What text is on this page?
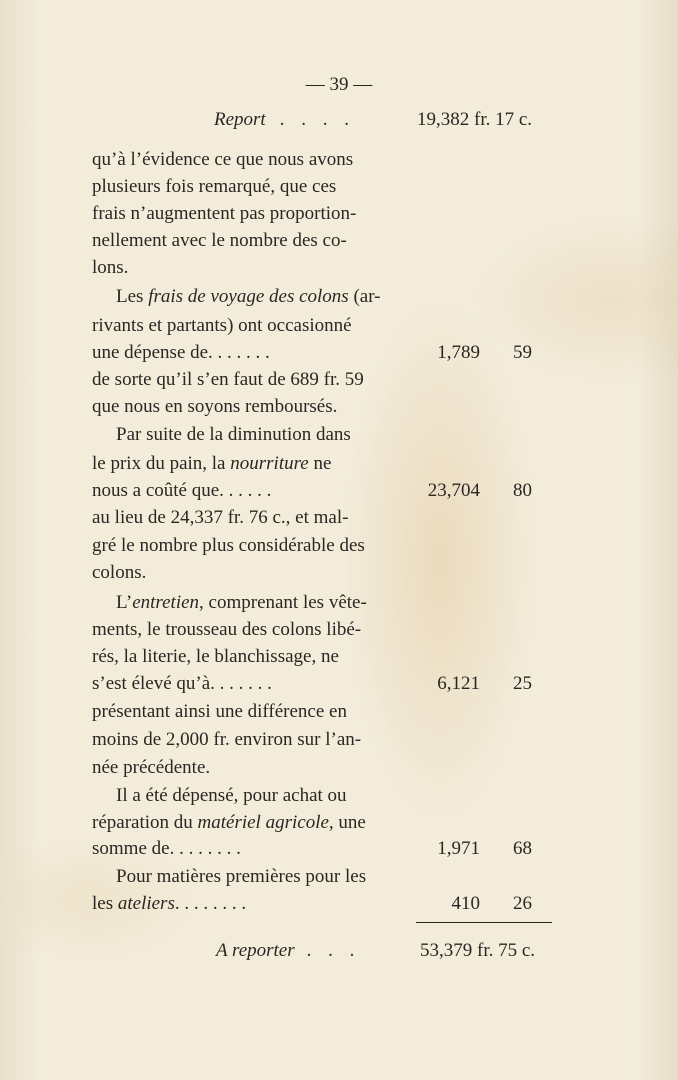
— 39 —
Report . . . .	19,382 fr. 17 c.
qu’à l’évidence ce que nous avons
plusieurs fois remarqué, que ces
frais n’augmentent pas proportion-
nellement avec le nombre des co-
lons.
Les frais de voyage des colons (ar-
rivants et partants) ont occasionné
une dépense de. . . . . . .	1,789	59
de sorte qu’il s’en faut de 689 fr. 59
que nous en soyons remboursés.
Par suite de la diminution dans
le prix du pain, la nourriture ne
nous a coûté que. . . . . .	23,704	80
au lieu de 24,337 fr. 76 c., et mal-
gré le nombre plus considérable des
colons.
L’entretien, comprenant les vête-
ments, le trousseau des colons libé-
rés, la literie, le blanchissage, ne
s’est élevé qu’à. . . . . . .	6,121	25
présentant ainsi une différence en
moins de 2,000 fr. environ sur l’an-
née précédente.
Il a été dépensé, pour achat ou
réparation du matériel agricole, une
somme de. . . . . . . .	1,971	68
Pour matières premières pour les
les ateliers. . . . . . . .	410	26
A reporter . . .	53,379 fr. 75 c.
